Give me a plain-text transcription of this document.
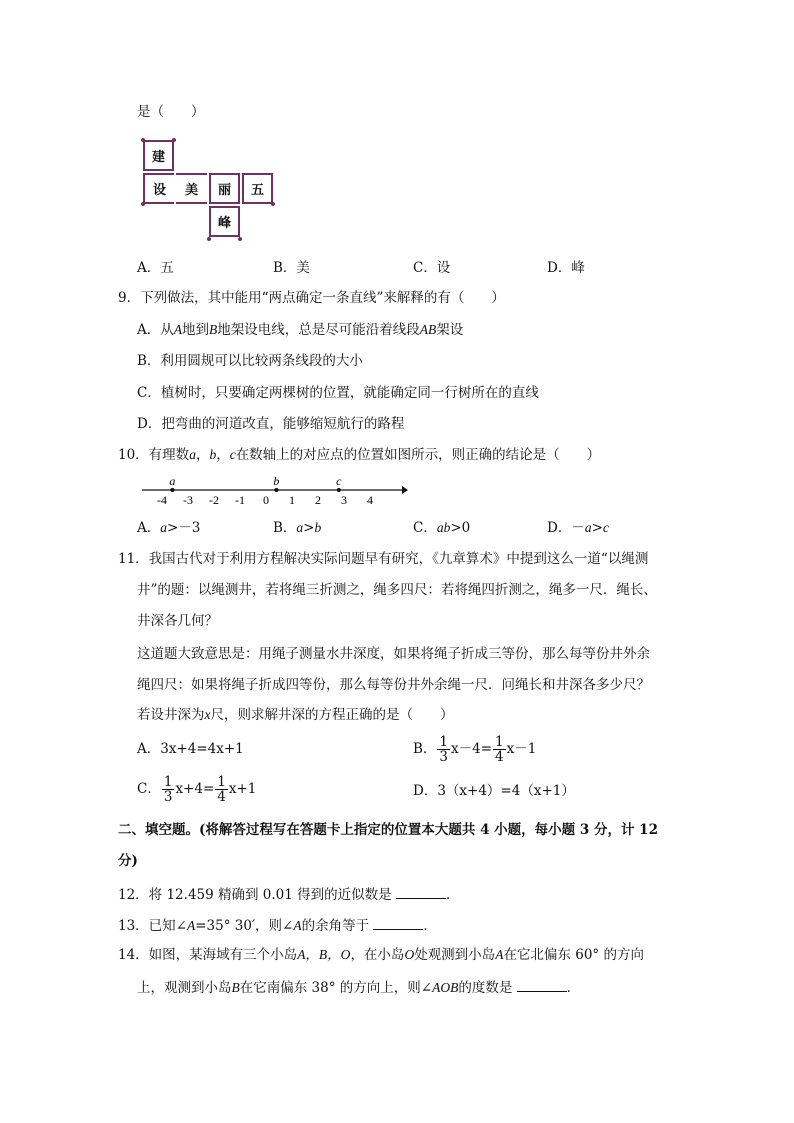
是（　　）
建
设	美	丽	五
峰
A．五	B．美	C．设	D．峰
9．下列做法，其中能用“两点确定一条直线”来解释的有（　　）
A．从A地到B地架设电线，总是尽可能沿着线段AB架设
B．利用圆规可以比较两条线段的大小
C．植树时，只要确定两棵树的位置，就能确定同一行树所在的直线
D．把弯曲的河道改直，能够缩短航行的路程
10．有理数a，b，c在数轴上的对应点的位置如图所示，则正确的结论是（　　）
-4 -3 -2 -1 0 1 2 3 4
a	b	c
A．a>－3	B．a>b	C．ab>0	D．－a>c
11．我国古代对于利用方程解决实际问题早有研究，《九章算术》中提到这么一道“以绳测
井”的题：以绳测井，若将绳三折测之，绳多四尺：若将绳四折测之，绳多一尺．绳长、
井深各几何？
这道题大致意思是：用绳子测量水井深度，如果将绳子折成三等份，那么每等份井外余
绳四尺：如果将绳子折成四等份，那么每等份井外余绳一尺．问绳长和井深各多少尺？
若设井深为x尺，则求解井深的方程正确的是（　　）
A．3x+4=4x+1	B． $\frac{1}{3} x-4= \frac{1}{4} x-1$
C． $\frac{1}{3} x+4= \frac{1}{4} x+1$	D．3（x+4）=4（x+1）
二、填空题。(将解答过程写在答题卡上指定的位置本大题共 4 小题，每小题 3 分，计 12
分)
12．将 12.459 精确到 0.01 得到的近似数是	．
13．已知∠A=35° 30′，则∠A的余角等于	．
14．如图，某海域有三个小岛A，B，O，在小岛O处观测到小岛A在它北偏东 60° 的方向
上，观测到小岛B在它南偏东 38° 的方向上，则∠AOB的度数是	．
